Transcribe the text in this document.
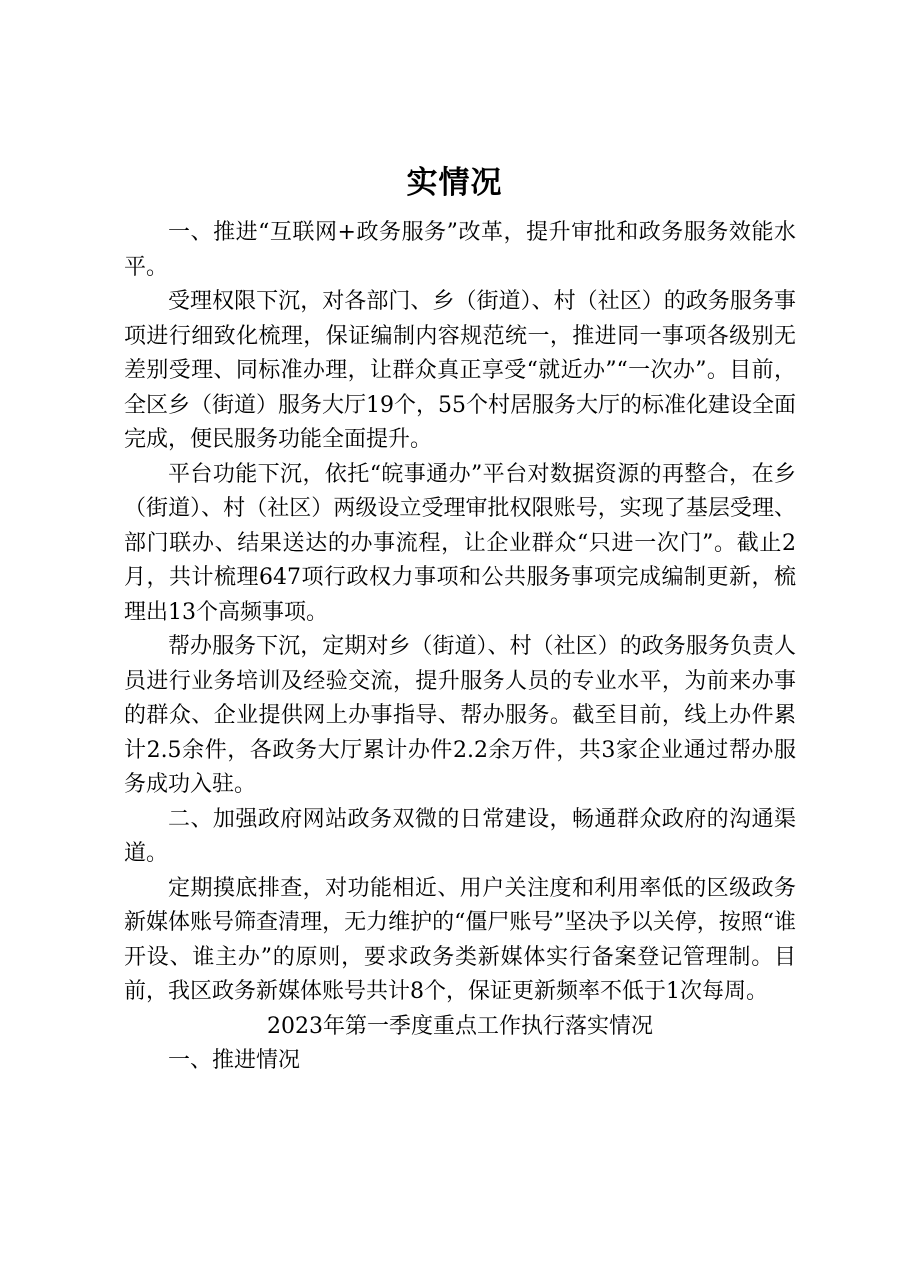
实情况

一、推进“互联网+政务服务”改革，提升审批和政务服务效能水平。

受理权限下沉，对各部门、乡（街道）、村（社区）的政务服务事项进行细致化梳理，保证编制内容规范统一，推进同一事项各级别无差别受理、同标准办理，让群众真正享受“就近办”“一次办”。目前，全区乡（街道）服务大厅19个，55个村居服务大厅的标准化建设全面完成，便民服务功能全面提升。

平台功能下沉，依托“皖事通办”平台对数据资源的再整合，在乡（街道）、村（社区）两级设立受理审批权限账号，实现了基层受理、部门联办、结果送达的办事流程，让企业群众“只进一次门”。截止2月，共计梳理647项行政权力事项和公共服务事项完成编制更新，梳理出13个高频事项。

帮办服务下沉，定期对乡（街道）、村（社区）的政务服务负责人员进行业务培训及经验交流，提升服务人员的专业水平，为前来办事的群众、企业提供网上办事指导、帮办服务。截至目前，线上办件累计2.5余件，各政务大厅累计办件2.2余万件，共3家企业通过帮办服务成功入驻。

二、加强政府网站政务双微的日常建设，畅通群众政府的沟通渠道。

定期摸底排查，对功能相近、用户关注度和利用率低的区级政务新媒体账号筛查清理，无力维护的“僵尸账号”坚决予以关停，按照“谁开设、谁主办”的原则，要求政务类新媒体实行备案登记管理制。目前，我区政务新媒体账号共计8个，保证更新频率不低于1次每周。

2023年第一季度重点工作执行落实情况

一、推进情况
